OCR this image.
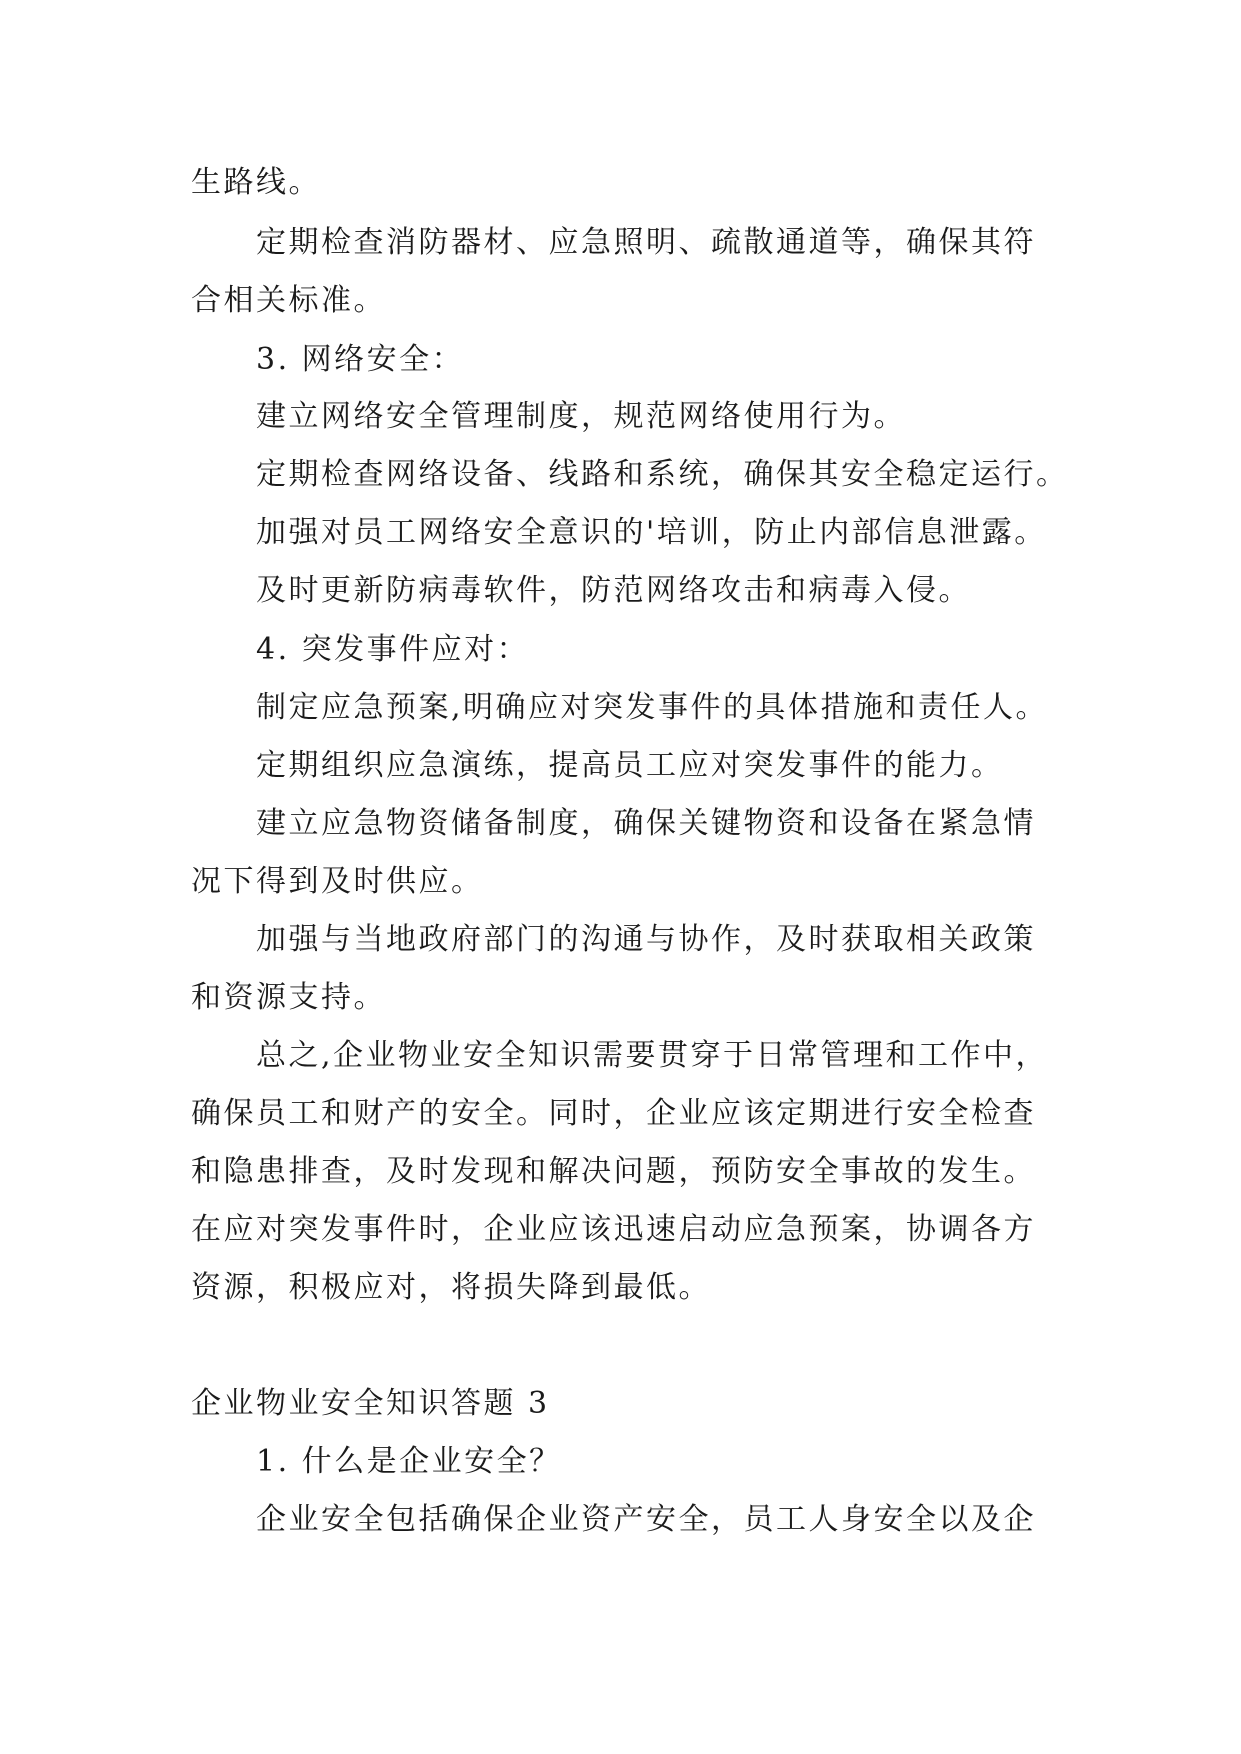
生路线。
定期检查消防器材、应急照明、疏散通道等，确保其符
合相关标准。
3. 网络安全：
建立网络安全管理制度，规范网络使用行为。
定期检查网络设备、线路和系统，确保其安全稳定运行。
加强对员工网络安全意识的'培训，防止内部信息泄露。
及时更新防病毒软件，防范网络攻击和病毒入侵。
4. 突发事件应对：
制定应急预案,明确应对突发事件的具体措施和责任人。
定期组织应急演练，提高员工应对突发事件的能力。
建立应急物资储备制度，确保关键物资和设备在紧急情
况下得到及时供应。
加强与当地政府部门的沟通与协作，及时获取相关政策
和资源支持。
总之,企业物业安全知识需要贯穿于日常管理和工作中，
确保员工和财产的安全。同时，企业应该定期进行安全检查
和隐患排查，及时发现和解决问题，预防安全事故的发生。
在应对突发事件时，企业应该迅速启动应急预案，协调各方
资源，积极应对，将损失降到最低。
企业物业安全知识答题 3
1. 什么是企业安全？
企业安全包括确保企业资产安全，员工人身安全以及企
